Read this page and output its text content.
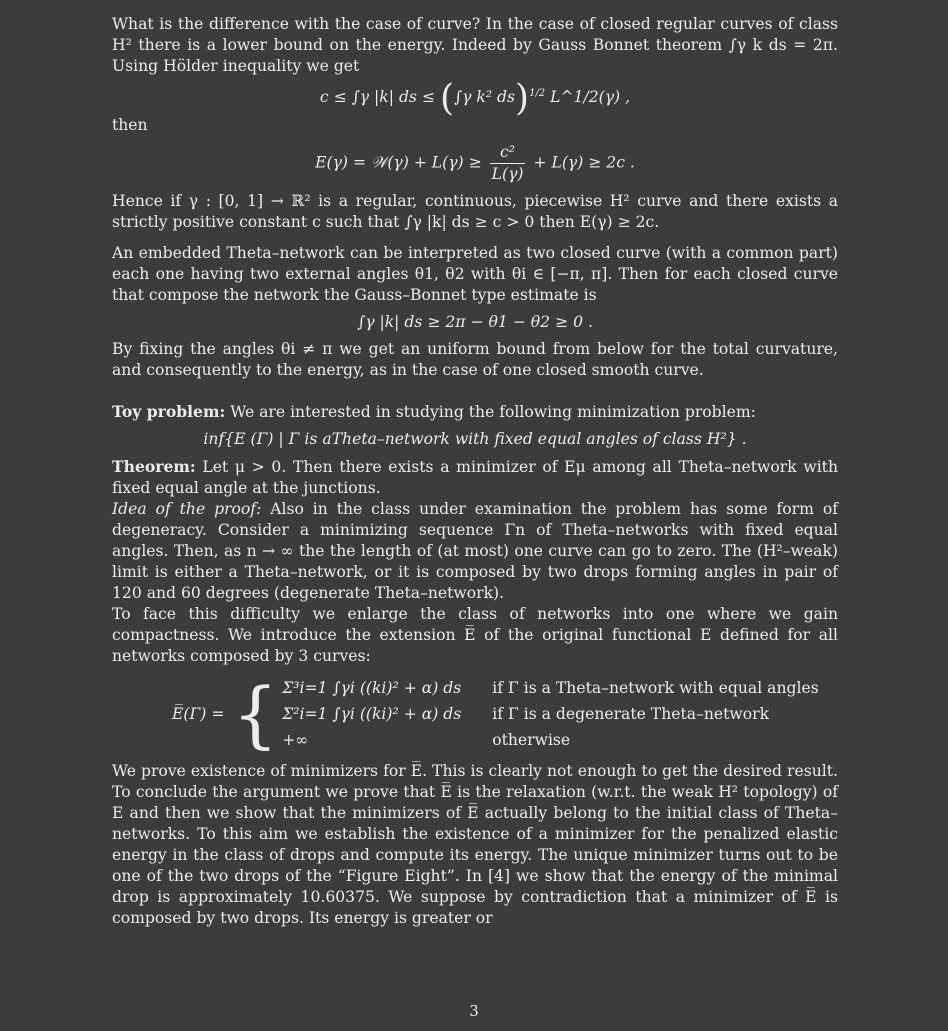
What is the difference with the case of curve? In the case of closed regular curves of class H² there is a lower bound on the energy. Indeed by Gauss Bonnet theorem ∫γ k ds = 2π. Using Hölder inequality we get

c ≤ ∫γ |k| ds ≤ (∫γ k² ds)$^{1/2}$ L^1/2(γ) ,

then

E(γ) = 𝒲(γ) + $L(\gamma) \ge \frac{\text{c²}}{L(\gamma)} + L(\gamma) \ge 2c$ .

Hence if γ : [0, 1] → ℝ² is a regular, continuous, piecewise H² curve and there exists a strictly positive constant c such that ∫γ |k| ds ≥ c > 0 then E(γ) ≥ 2c.

An embedded Theta–network can be interpreted as two closed curve (with a common part) each one having two external angles θ1, θ2 with θi ∈ [−π, π]. Then for each closed curve that compose the network the Gauss–Bonnet type estimate is

∫γ |k| ds ≥ 2π − θ1 − θ2 ≥ 0 .

By fixing the angles θi ≠ π we get an uniform bound from below for the total curvature, and consequently to the energy, as in the case of one closed smooth curve.

Toy problem: We are interested in studying the following minimization problem:

inf{E (Γ) | Γ is aTheta–network with fixed equal angles of class H²} .

Theorem: Let μ > 0. Then there exists a minimizer of Eμ among all Theta–network with fixed equal angle at the junctions.

Idea of the proof: Also in the class under examination the problem has some form of degeneracy. Consider a minimizing sequence Γn of Theta–networks with fixed equal angles. Then, as n → ∞ the the length of (at most) one curve can go to zero. The (H²–weak) limit is either a Theta–network, or it is composed by two drops forming angles in pair of 120 and 60 degrees (degenerate Theta–network).

To face this difficulty we enlarge the class of networks into one where we gain compactness. We introduce the extension E̅ of the original functional E defined for all networks composed by 3 curves:

E̅(Γ) = { Σ³i=1 ∫γi ((ki)² + α) ds	if Γ is a Theta–network with equal angles
Σ²i=1 ∫γi ((ki)² + α) ds	if Γ is a degenerate Theta–network
+∞	otherwise

We prove existence of minimizers for E̅. This is clearly not enough to get the desired result. To conclude the argument we prove that E̅ is the relaxation (w.r.t. the weak H² topology) of E and then we show that the minimizers of E̅ actually belong to the initial class of Theta–networks. To this aim we establish the existence of a minimizer for the penalized elastic energy in the class of drops and compute its energy. The unique minimizer turns out to be one of the two drops of the “Figure Eight”. In [4] we show that the energy of the minimal drop is approximately 10.60375. We suppose by contradiction that a minimizer of E̅ is composed by two drops. Its energy is greater or

3
